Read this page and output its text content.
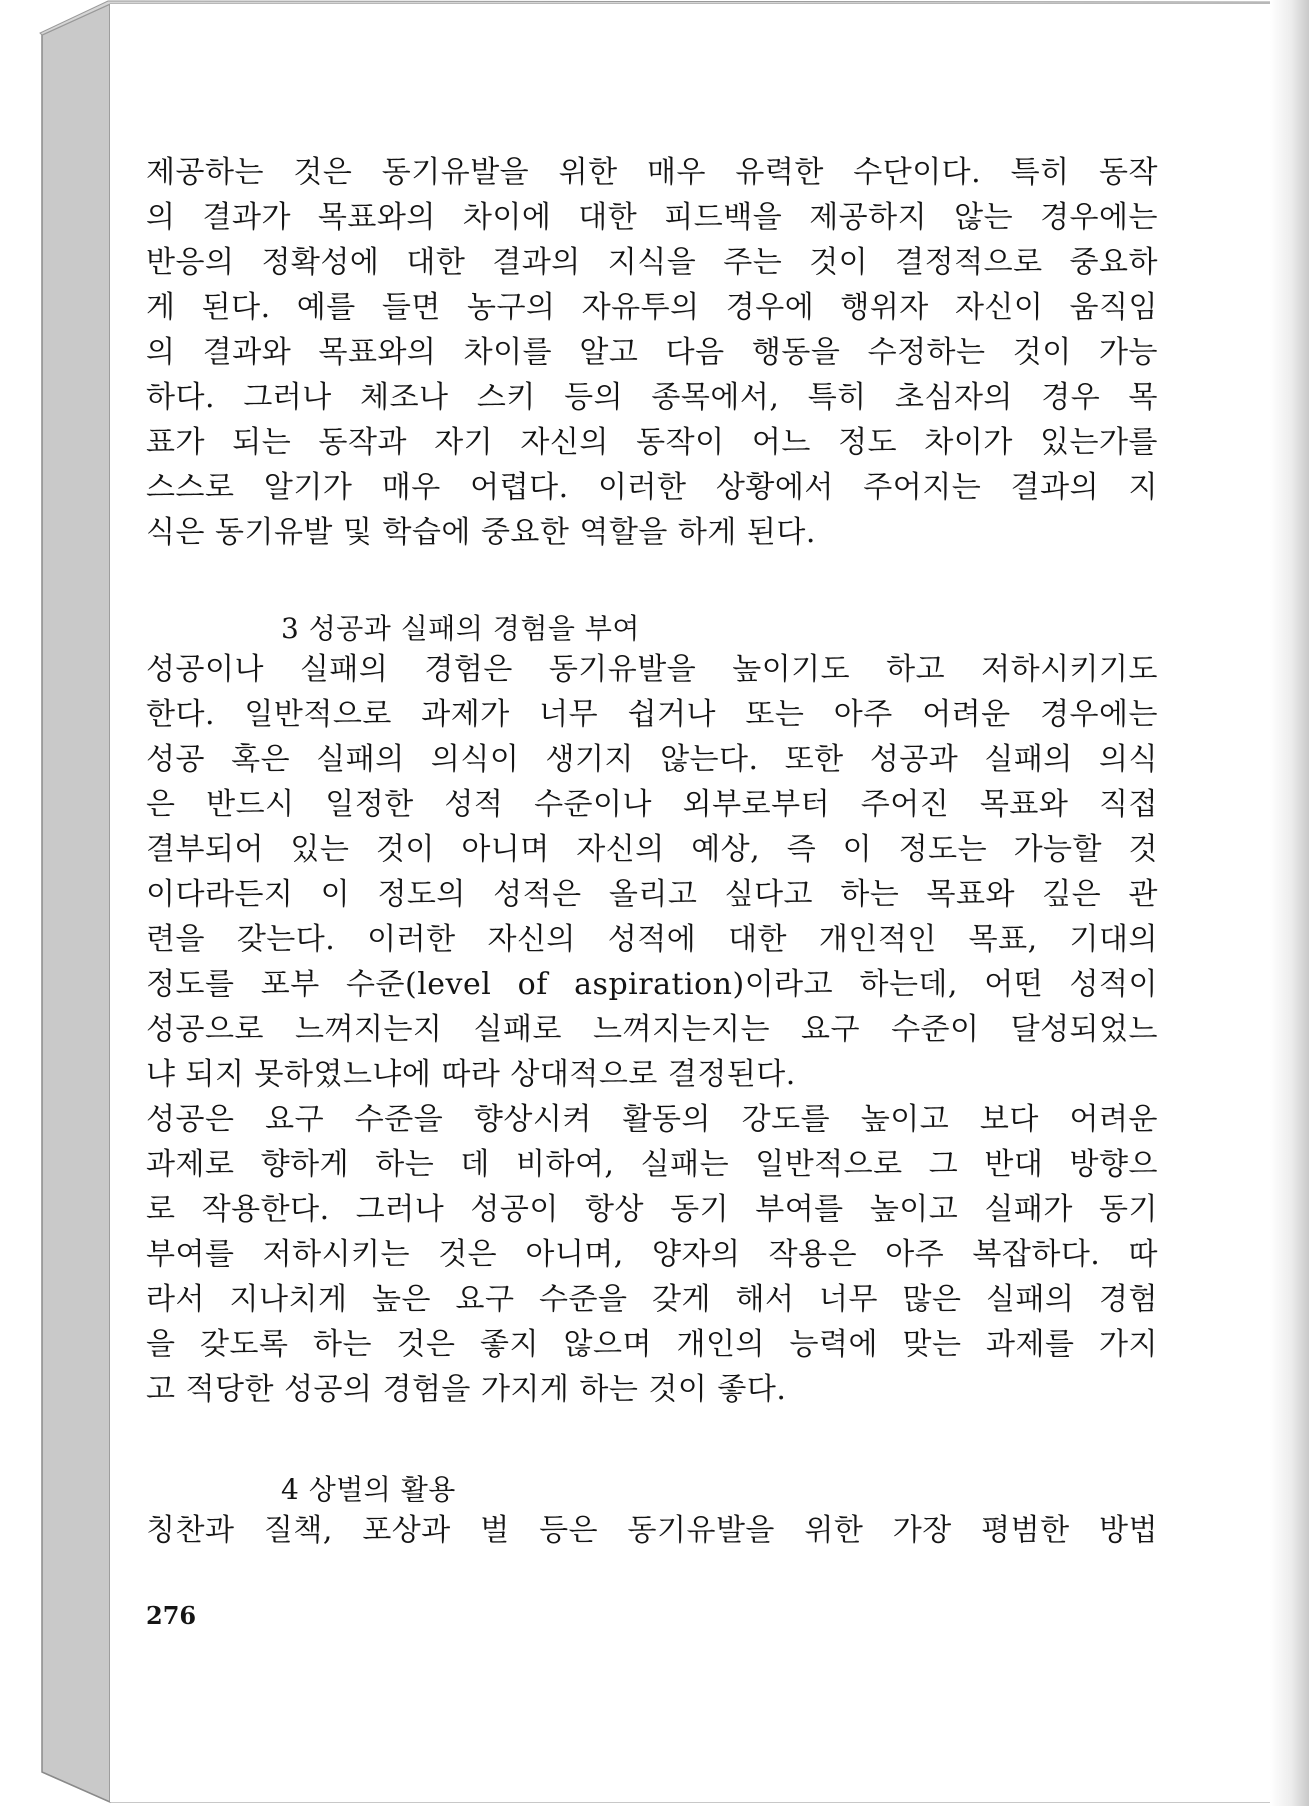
제공하는 것은 동기유발을 위한 매우 유력한 수단이다. 특히 동작
의 결과가 목표와의 차이에 대한 피드백을 제공하지 않는 경우에는
반응의 정확성에 대한 결과의 지식을 주는 것이 결정적으로 중요하
게 된다. 예를 들면 농구의 자유투의 경우에 행위자 자신이 움직임
의 결과와 목표와의 차이를 알고 다음 행동을 수정하는 것이 가능
하다. 그러나 체조나 스키 등의 종목에서, 특히 초심자의 경우 목
표가 되는 동작과 자기 자신의 동작이 어느 정도 차이가 있는가를
스스로 알기가 매우 어렵다. 이러한 상황에서 주어지는 결과의 지
식은 동기유발 및 학습에 중요한 역할을 하게 된다.
3 성공과 실패의 경험을 부여
성공이나 실패의 경험은 동기유발을 높이기도 하고 저하시키기도
한다. 일반적으로 과제가 너무 쉽거나 또는 아주 어려운 경우에는
성공 혹은 실패의 의식이 생기지 않는다. 또한 성공과 실패의 의식
은 반드시 일정한 성적 수준이나 외부로부터 주어진 목표와 직접
결부되어 있는 것이 아니며 자신의 예상, 즉 이 정도는 가능할 것
이다라든지 이 정도의 성적은 올리고 싶다고 하는 목표와 깊은 관
련을 갖는다. 이러한 자신의 성적에 대한 개인적인 목표, 기대의
정도를 포부 수준(level of aspiration)이라고 하는데, 어떤 성적이
성공으로 느껴지는지 실패로 느껴지는지는 요구 수준이 달성되었느
냐 되지 못하였느냐에 따라 상대적으로 결정된다.
성공은 요구 수준을 향상시켜 활동의 강도를 높이고 보다 어려운
과제로 향하게 하는 데 비하여, 실패는 일반적으로 그 반대 방향으
로 작용한다. 그러나 성공이 항상 동기 부여를 높이고 실패가 동기
부여를 저하시키는 것은 아니며, 양자의 작용은 아주 복잡하다. 따
라서 지나치게 높은 요구 수준을 갖게 해서 너무 많은 실패의 경험
을 갖도록 하는 것은 좋지 않으며 개인의 능력에 맞는 과제를 가지
고 적당한 성공의 경험을 가지게 하는 것이 좋다.
4 상벌의 활용
칭찬과 질책, 포상과 벌 등은 동기유발을 위한 가장 평범한 방법
276
